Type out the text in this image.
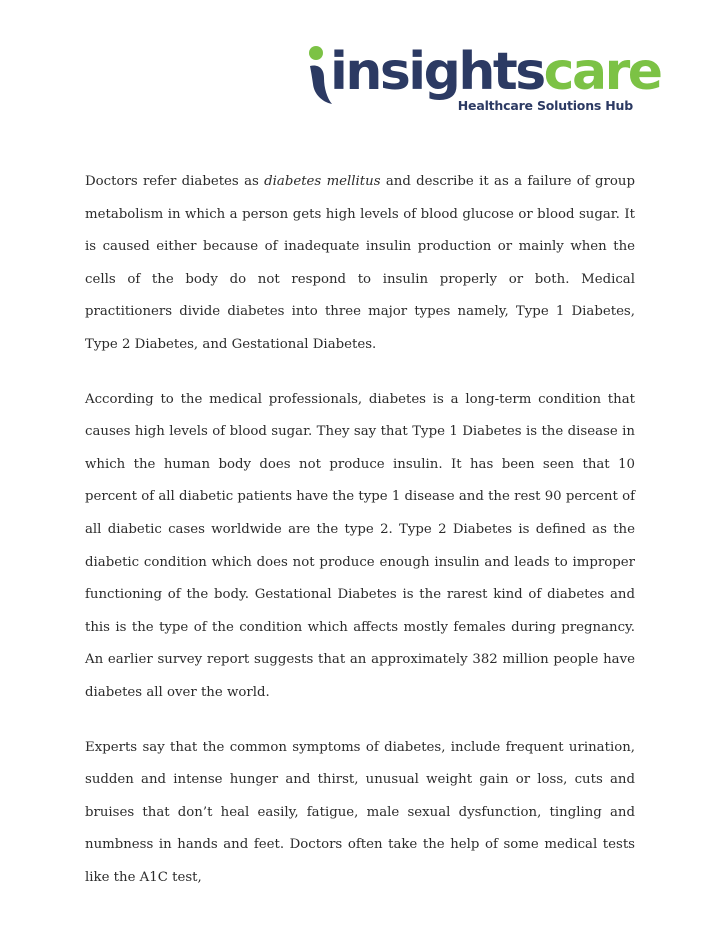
insightscare
Healthcare Solutions Hub

Doctors refer diabetes as diabetes mellitus and describe it as a failure of group metabolism in which a person gets high levels of blood glucose or blood sugar. It is caused either because of inadequate insulin production or mainly when the cells of the body do not respond to insulin properly or both. Medical practitioners divide diabetes into three major types namely, Type 1 Diabetes, Type 2 Diabetes, and Gestational Diabetes.

According to the medical professionals, diabetes is a long-term condition that causes high levels of blood sugar. They say that Type 1 Diabetes is the disease in which the human body does not produce insulin. It has been seen that 10 percent of all diabetic patients have the type 1 disease and the rest 90 percent of all diabetic cases worldwide are the type 2. Type 2 Diabetes is defined as the diabetic condition which does not produce enough insulin and leads to improper functioning of the body. Gestational Diabetes is the rarest kind of diabetes and this is the type of the condition which affects mostly females during pregnancy. An earlier survey report suggests that an approximately 382 million people have diabetes all over the world.

Experts say that the common symptoms of diabetes, include frequent urination, sudden and intense hunger and thirst, unusual weight gain or loss, cuts and bruises that don’t heal easily, fatigue, male sexual dysfunction, tingling and numbness in hands and feet. Doctors often take the help of some medical tests like the A1C test,
